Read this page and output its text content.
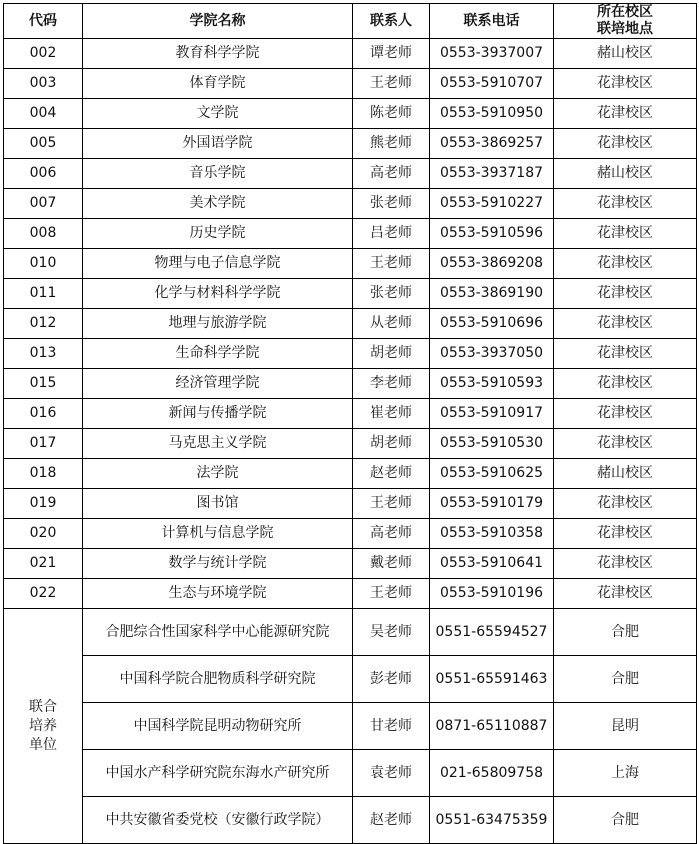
代码	学院名称	联系人	联系电话	所在校区
联培地点

002	教育科学学院	谭老师	0553-3937007	赭山校区
003	体育学院	王老师	0553-5910707	花津校区
004	文学院	陈老师	0553-5910950	花津校区
005	外国语学院	熊老师	0553-3869257	花津校区
006	音乐学院	高老师	0553-3937187	赭山校区
007	美术学院	张老师	0553-5910227	花津校区
008	历史学院	吕老师	0553-5910596	花津校区
010	物理与电子信息学院	王老师	0553-3869208	花津校区
011	化学与材料科学学院	张老师	0553-3869190	花津校区
012	地理与旅游学院	从老师	0553-5910696	花津校区
013	生命科学学院	胡老师	0553-3937050	花津校区
015	经济管理学院	李老师	0553-5910593	花津校区
016	新闻与传播学院	崔老师	0553-5910917	花津校区
017	马克思主义学院	胡老师	0553-5910530	花津校区
018	法学院	赵老师	0553-5910625	赭山校区
019	图书馆	王老师	0553-5910179	花津校区
020	计算机与信息学院	高老师	0553-5910358	花津校区
021	数学与统计学院	戴老师	0553-5910641	花津校区
022	生态与环境学院	王老师	0553-5910196	花津校区

联合
培养
单位	合肥综合性国家科学中心能源研究院	吴老师	0551-65594527	合肥
	中国科学院合肥物质科学研究院	彭老师	0551-65591463	合肥
	中国科学院昆明动物研究所	甘老师	0871-65110887	昆明
	中国水产科学研究院东海水产研究所	袁老师	021-65809758	上海
	中共安徽省委党校（安徽行政学院）	赵老师	0551-63475359	合肥
